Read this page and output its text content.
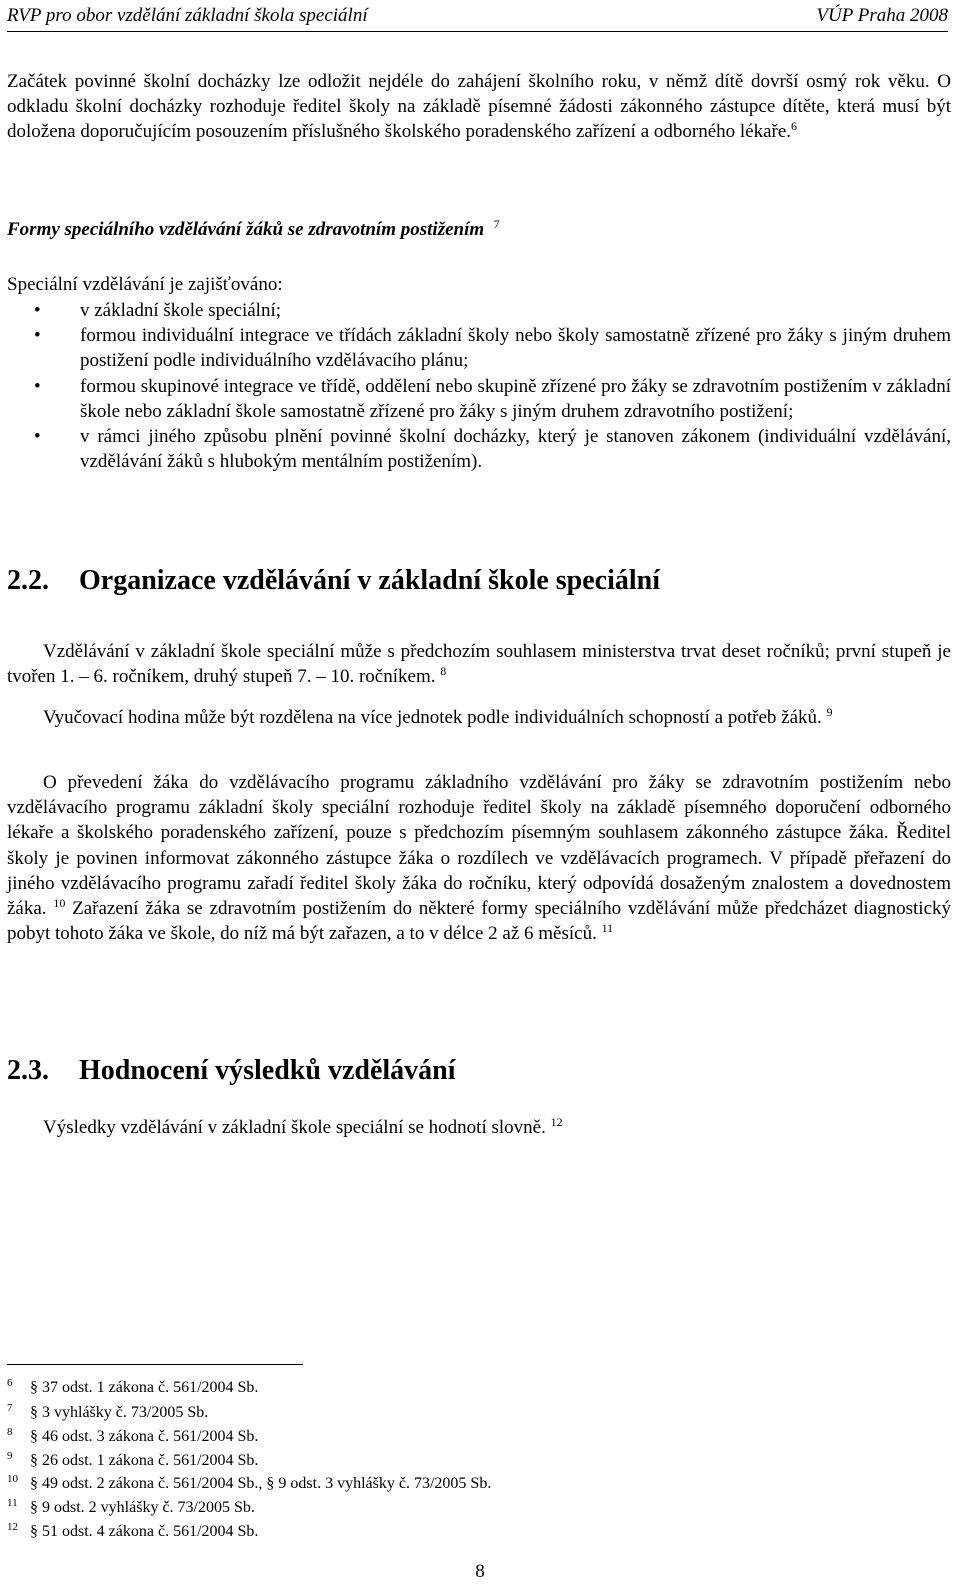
RVP pro obor vzdělání základní škola speciální	VÚP Praha 2008

Začátek povinné školní docházky lze odložit nejdéle do zahájení školního roku, v němž dítě dovrší osmý rok věku. O odkladu školní docházky rozhoduje ředitel školy na základě písemné žádosti zákonného zástupce dítěte, která musí být doložena doporučujícím posouzením příslušného školského poradenského zařízení a odborného lékaře.$^6$

Formy speciálního vzdělávání žáků se zdravotním postižením $^7$

Speciální vzdělávání je zajišťováno:

• v základní škole speciální;
• formou individuální integrace ve třídách základní školy nebo školy samostatně zřízené pro žáky s jiným druhem postižení podle individuálního vzdělávacího plánu;
• formou skupinové integrace ve třídě, oddělení nebo skupině zřízené pro žáky se zdravotním postižením v základní škole nebo základní škole samostatně zřízené pro žáky s jiným druhem zdravotního postižení;
• v rámci jiného způsobu plnění povinné školní docházky, který je stanoven zákonem (individuální vzdělávání, vzdělávání žáků s hlubokým mentálním postižením).
2.2. Organizace vzdělávání v základní škole speciální

Vzdělávání v základní škole speciální může s předchozím souhlasem ministerstva trvat deset ročníků; první stupeň je tvořen 1. – 6. ročníkem, druhý stupeň 7. – 10. ročníkem. $^8$

Vyučovací hodina může být rozdělena na více jednotek podle individuálních schopností a potřeb žáků. $^9$

O převedení žáka do vzdělávacího programu základního vzdělávání pro žáky se zdravotním postižením nebo vzdělávacího programu základní školy speciální rozhoduje ředitel školy na základě písemného doporučení odborného lékaře a školského poradenského zařízení, pouze s předchozím písemným souhlasem zákonného zástupce žáka. Ředitel školy je povinen informovat zákonného zástupce žáka o rozdílech ve vzdělávacích programech. V případě přeřazení do jiného vzdělávacího programu zařadí ředitel školy žáka do ročníku, který odpovídá dosaženým znalostem a dovednostem žáka. $^{10}$ Zařazení žáka se zdravotním postižením do některé formy speciálního vzdělávání může předcházet diagnostický pobyt tohoto žáka ve škole, do níž má být zařazen, a to v délce 2 až 6 měsíců. $^{11}$

2.3. Hodnocení výsledků vzdělávání

Výsledky vzdělávání v základní škole speciální se hodnotí slovně. $^{12}$

$^6$ § 37 odst. 1 zákona č. 561/2004 Sb.
$^7$ § 3 vyhlášky č. 73/2005 Sb.
$^8$ § 46 odst. 3 zákona č. 561/2004 Sb.
$^9$ § 26 odst. 1 zákona č. 561/2004 Sb.
$^{10}$ § 49 odst. 2 zákona č. 561/2004 Sb., § 9 odst. 3 vyhlášky č. 73/2005 Sb.
$^{11}$ § 9 odst. 2 vyhlášky č. 73/2005 Sb.
$^{12}$ § 51 odst. 4 zákona č. 561/2004 Sb.
8
